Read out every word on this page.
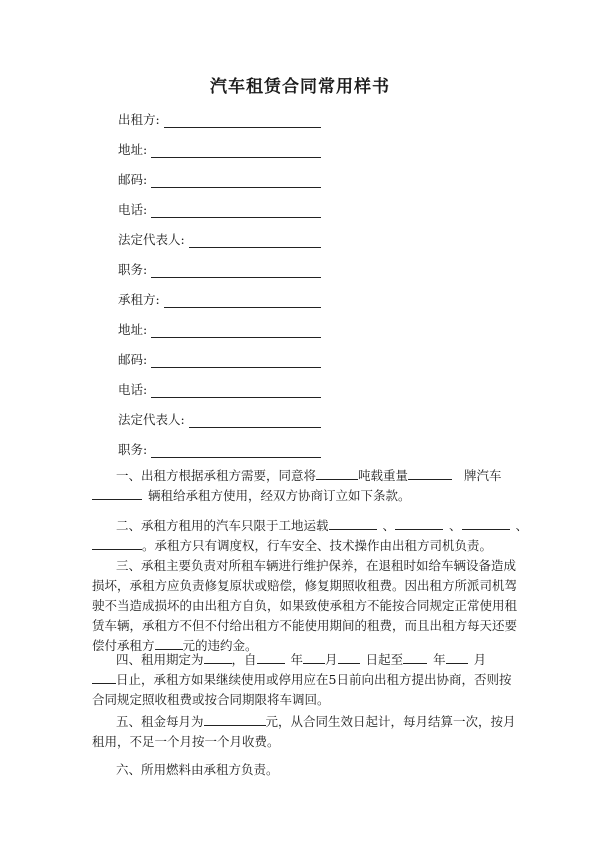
汽车租赁合同常用样书
出租方:
地址:
邮码:
电话:
法定代表人:
职务:
承租方:
地址:
邮码:
电话:
法定代表人:
职务:
一、出租方根据承租方需要，同意将	吨载重量	牌汽车
辆租给承租方使用，经双方协商订立如下条款。
二、承租方租用的汽车只限于工地运载	、	、	、
。承租方只有调度权，行车安全、技术操作由出租方司机负责。
三、承租主要负责对所租车辆进行维护保养，在退租时如给车辆设备造成
损坏，承租方应负责修复原状或赔偿，修复期照收租费。因出租方所派司机驾
驶不当造成损坏的由出租方自负，如果致使承租方不能按合同规定正常使用租
赁车辆，承租方不但不付给出租方不能使用期间的租费，而且出租方每天还要
偿付承租方 元的违约金。
四、租用期定为 ，自	年 月 日起至 年 月
日止，承租方如果继续使用或停用应在5日前向出租方提出协商，否则按
合同规定照收租费或按合同期限将车调回。
五、租金每月为	元，从合同生效日起计，每月结算一次，按月
租用，不足一个月按一个月收费。
六、所用燃料由承租方负责。
